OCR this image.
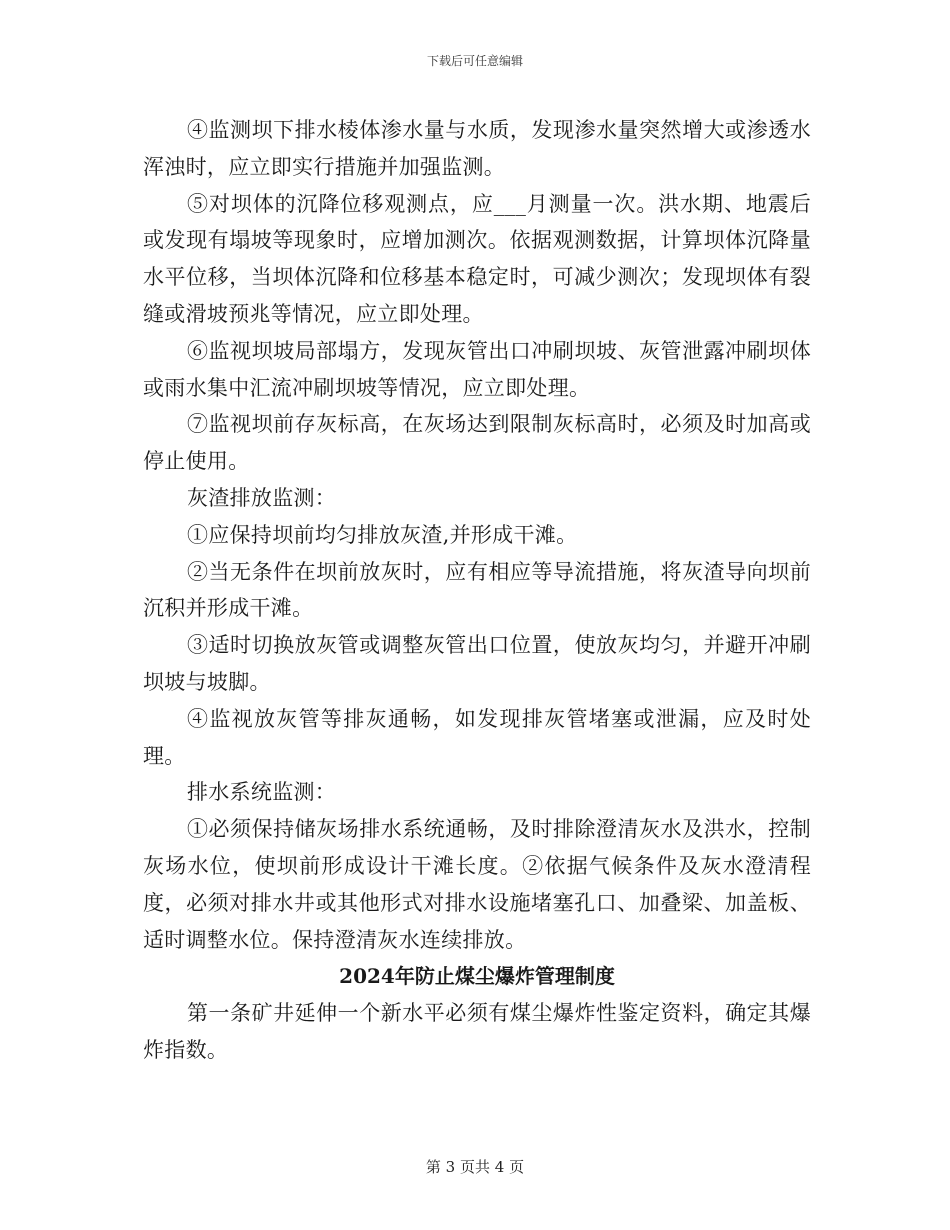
下载后可任意编辑

④监测坝下排水棱体渗水量与水质，发现渗水量突然增大或渗透水浑浊时，应立即实行措施并加强监测。

⑤对坝体的沉降位移观测点，应___月测量一次。洪水期、地震后或发现有塌坡等现象时，应增加测次。依据观测数据，计算坝体沉降量水平位移，当坝体沉降和位移基本稳定时，可减少测次；发现坝体有裂缝或滑坡预兆等情况，应立即处理。

⑥监视坝坡局部塌方，发现灰管出口冲刷坝坡、灰管泄露冲刷坝体或雨水集中汇流冲刷坝坡等情况，应立即处理。

⑦监视坝前存灰标高，在灰场达到限制灰标高时，必须及时加高或停止使用。

灰渣排放监测：

①应保持坝前均匀排放灰渣,并形成干滩。

②当无条件在坝前放灰时，应有相应等导流措施，将灰渣导向坝前沉积并形成干滩。

③适时切换放灰管或调整灰管出口位置，使放灰均匀，并避开冲刷坝坡与坡脚。

④监视放灰管等排灰通畅，如发现排灰管堵塞或泄漏，应及时处理。

排水系统监测：

①必须保持储灰场排水系统通畅，及时排除澄清灰水及洪水，控制灰场水位，使坝前形成设计干滩长度。②依据气候条件及灰水澄清程度，必须对排水井或其他形式对排水设施堵塞孔口、加叠梁、加盖板、适时调整水位。保持澄清灰水连续排放。

2024年防止煤尘爆炸管理制度

第一条矿井延伸一个新水平必须有煤尘爆炸性鉴定资料，确定其爆炸指数。

第 3 页共 4 页
